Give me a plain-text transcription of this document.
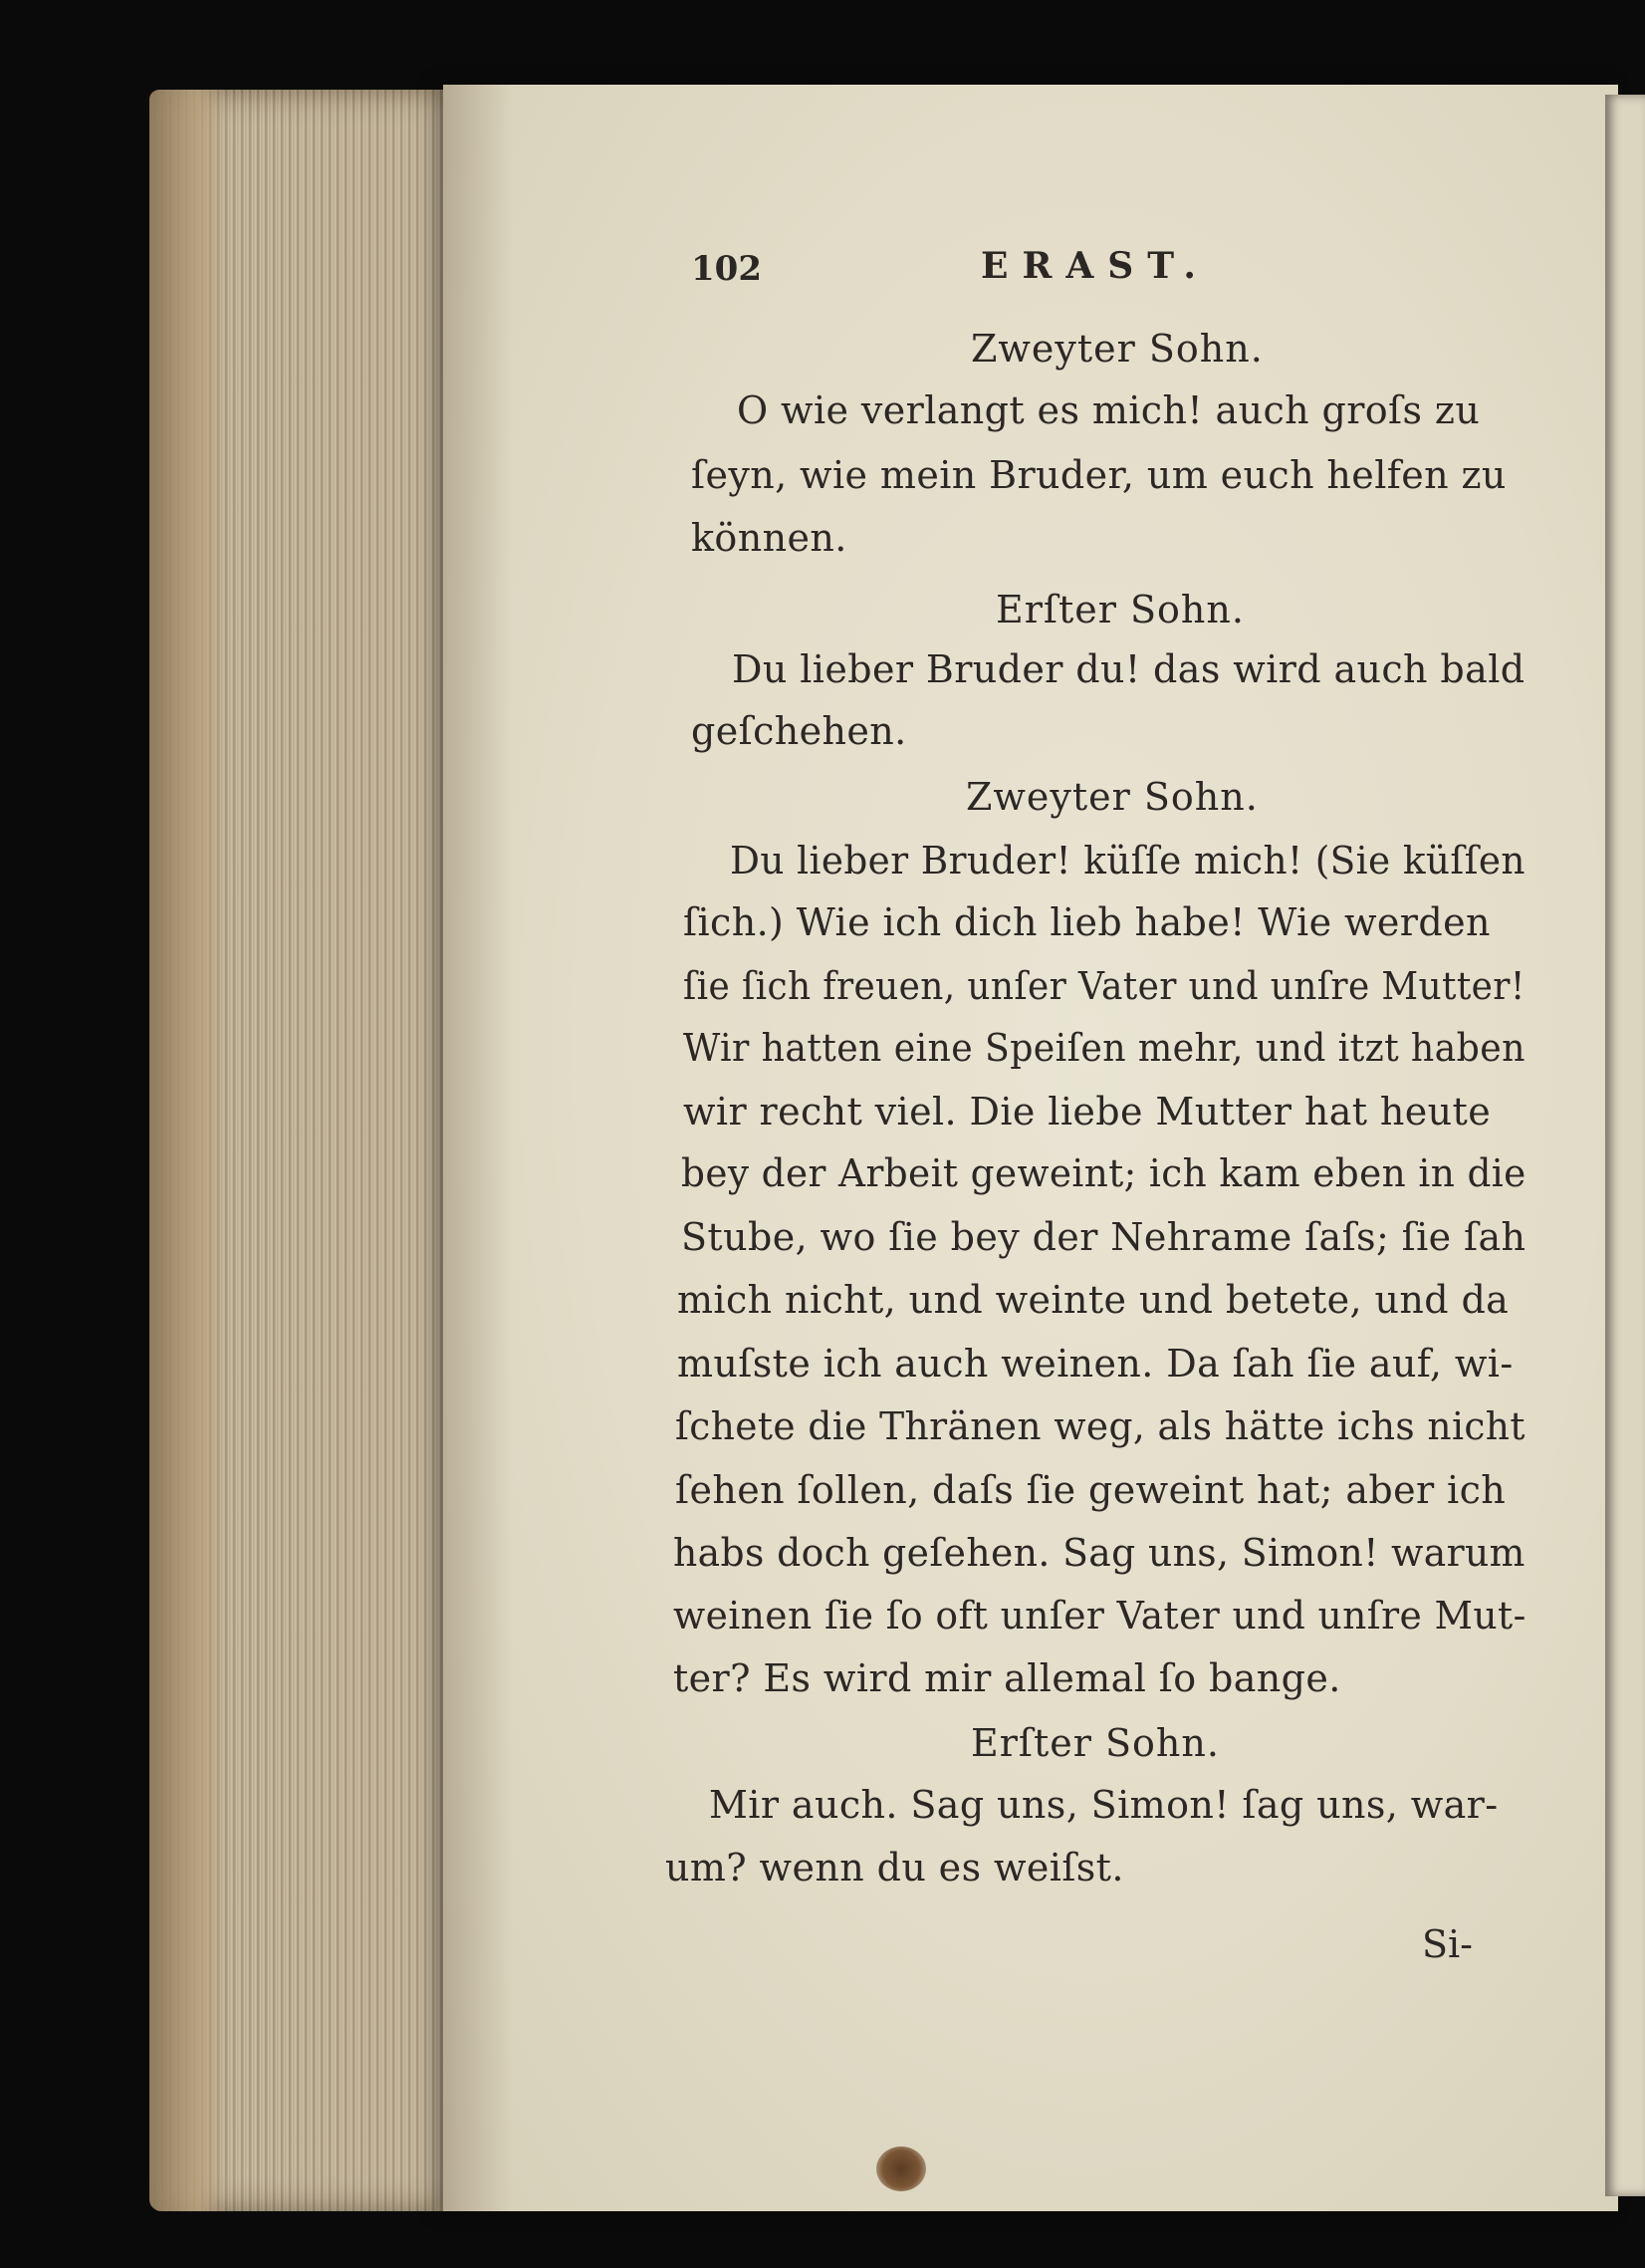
102	ERAST.
Zweyter Sohn.
O wie verlangt es mich! auch groſs zu
ſeyn, wie mein Bruder, um euch helfen zu
können.
Erſter Sohn.
Du lieber Bruder du! das wird auch bald
geſchehen.
Zweyter Sohn.
Du lieber Bruder! küſſe mich! (Sie küſſen
ſich.) Wie ich dich lieb habe! Wie werden
ſie ſich freuen, unſer Vater und unſre Mutter!
Wir hatten eine Speiſen mehr, und itzt haben
wir recht viel. Die liebe Mutter hat heute
bey der Arbeit geweint; ich kam eben in die
Stube, wo ſie bey der Nehrame ſaſs; ſie ſah
mich nicht, und weinte und betete, und da
muſste ich auch weinen. Da ſah ſie auf, wi-
ſchete die Thränen weg, als hätte ichs nicht
ſehen ſollen, daſs ſie geweint hat; aber ich
habs doch geſehen. Sag uns, Simon! warum
weinen ſie ſo oft unſer Vater und unſre Mut-
ter? Es wird mir allemal ſo bange.
Erſter Sohn.
Mir auch. Sag uns, Simon! ſag uns, war-
um? wenn du es weiſst.
Si-
